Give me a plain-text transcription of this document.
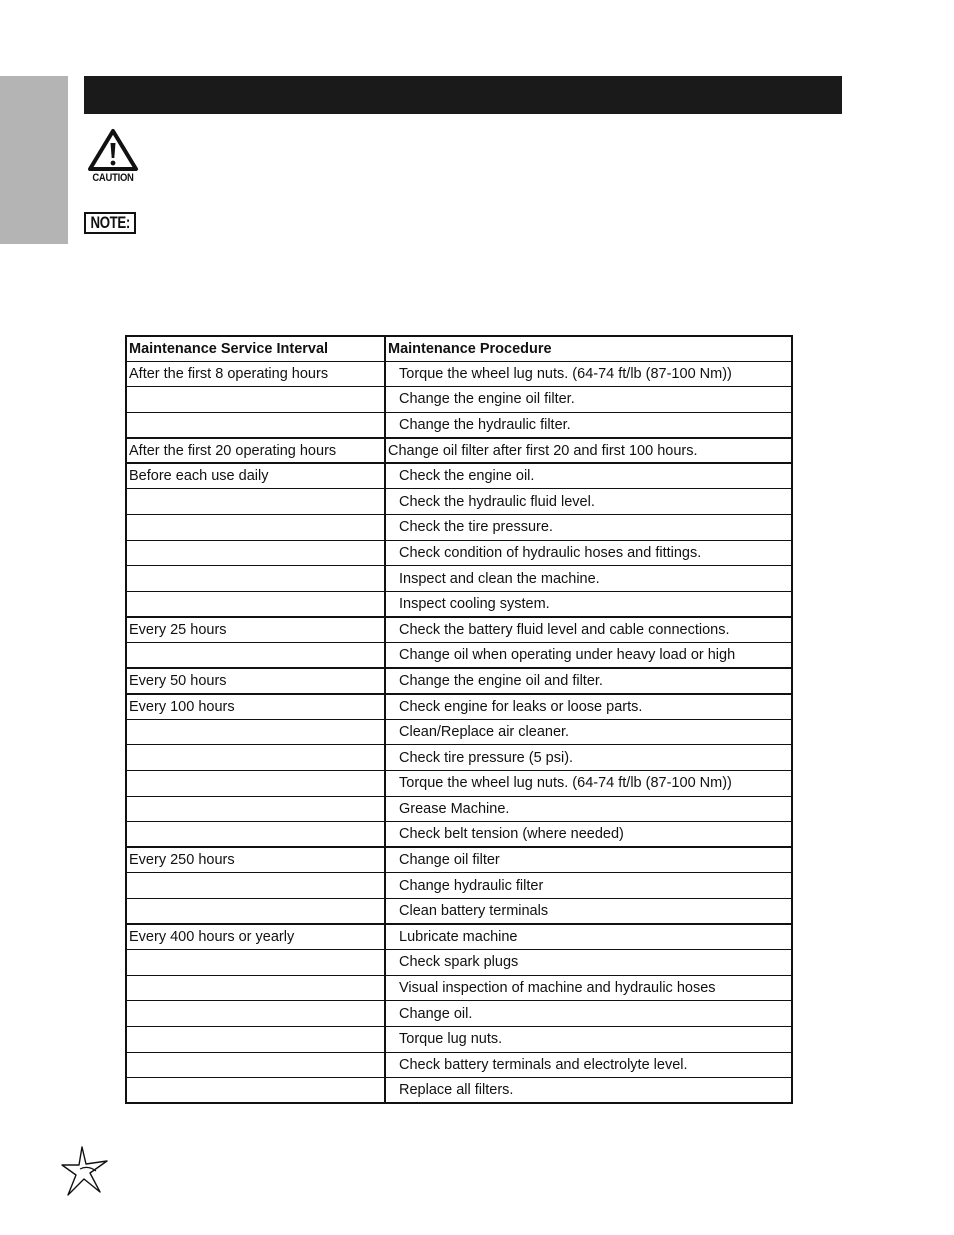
CAUTION
NOTE:
Maintenance Service Interval	Maintenance Procedure
After the first 8 operating hours	Torque the wheel lug nuts. (64-74 ft/lb (87-100 Nm))
	Change the engine oil filter.
	Change the hydraulic filter.
After the first 20 operating hours	Change oil filter after first 20 and first 100 hours.
Before each use daily	Check the engine oil.
	Check the hydraulic fluid level.
	Check the tire pressure.
	Check condition of hydraulic hoses and fittings.
	Inspect and clean the machine.
	Inspect cooling system.
Every 25 hours	Check the battery fluid level and cable connections.
	Change oil when operating under heavy load or high
Every 50 hours	Change the engine oil and filter.
Every 100 hours	Check engine for leaks or loose parts.
	Clean/Replace air cleaner.
	Check tire pressure (5 psi).
	Torque the wheel lug nuts. (64-74 ft/lb (87-100 Nm))
	Grease Machine.
	Check belt tension (where needed)
Every 250 hours	Change oil filter
	Change hydraulic filter
	Clean battery terminals
Every 400 hours or yearly	Lubricate machine
	Check spark plugs
	Visual inspection of machine and hydraulic hoses
	Change oil.
	Torque lug nuts.
	Check battery terminals and electrolyte level.
	Replace all filters.
